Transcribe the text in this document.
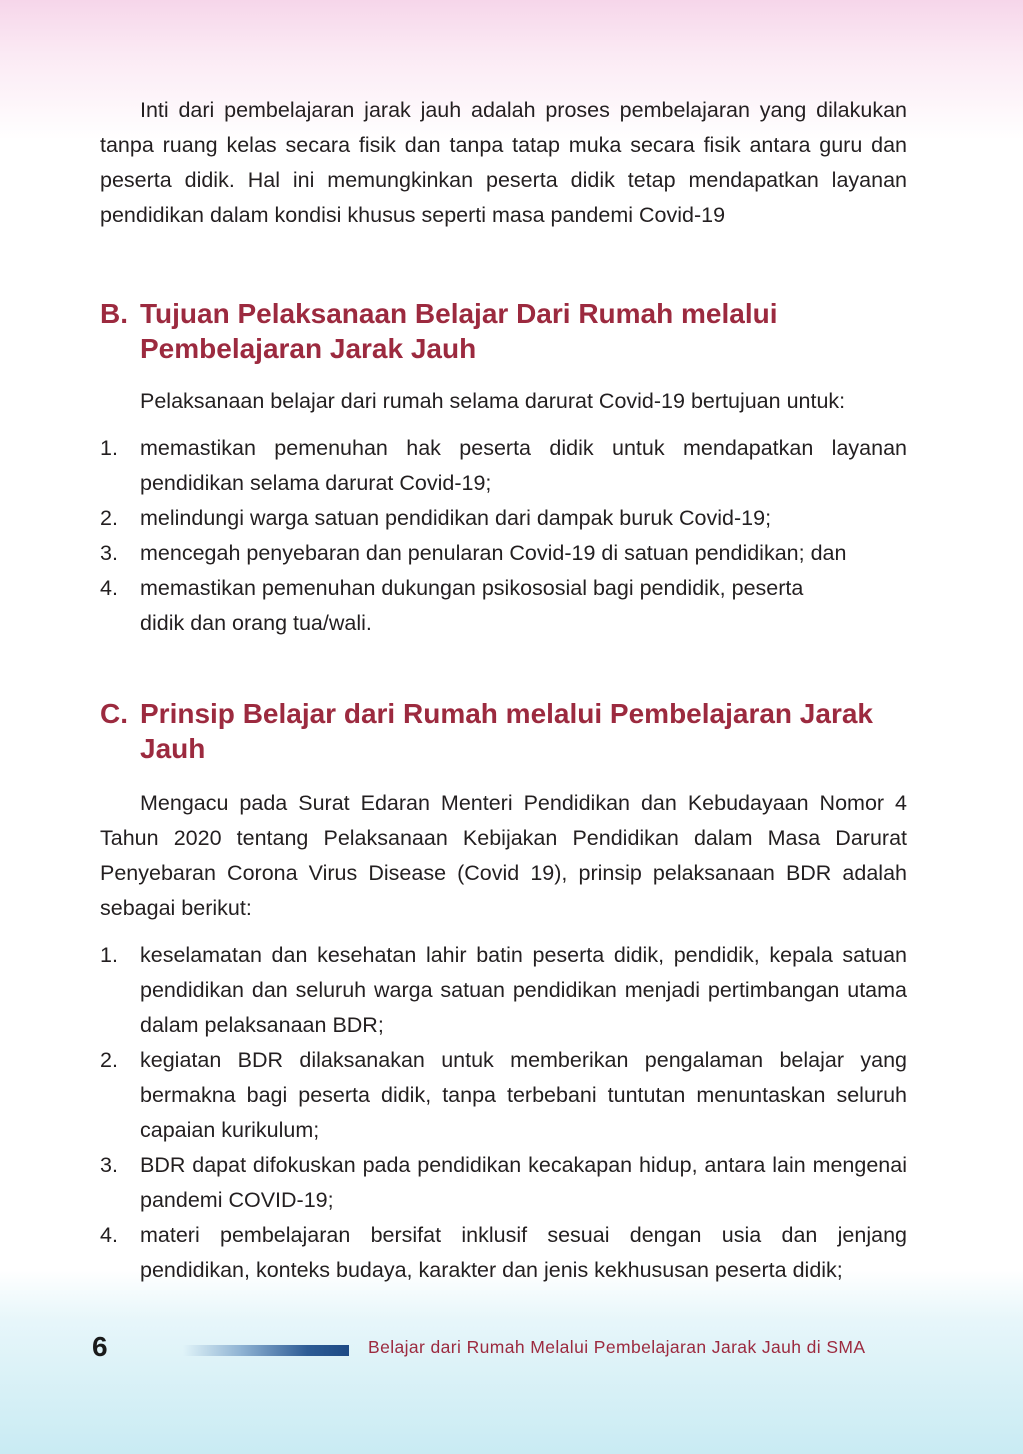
Inti dari pembelajaran jarak jauh adalah proses pembelajaran yang dilakukan tanpa ruang kelas secara fisik dan tanpa tatap muka secara fisik antara guru dan peserta didik. Hal ini memungkinkan peserta didik tetap mendapatkan layanan pendidikan dalam kondisi khusus seperti masa pandemi Covid-19

B. Tujuan Pelaksanaan Belajar Dari Rumah melalui Pembelajaran Jarak Jauh

Pelaksanaan belajar dari rumah selama darurat Covid-19 bertujuan untuk:

1.	memastikan pemenuhan hak peserta didik untuk mendapatkan layanan pendidikan selama darurat Covid-19;
2.	melindungi warga satuan pendidikan dari dampak buruk Covid-19;
3.	mencegah penyebaran dan penularan Covid-19 di satuan pendidikan; dan
4.	memastikan pemenuhan dukungan psikososial bagi pendidik, peserta didik dan orang tua/wali.
C. Prinsip Belajar dari Rumah melalui Pembelajaran Jarak Jauh

Mengacu pada Surat Edaran Menteri Pendidikan dan Kebudayaan Nomor 4 Tahun 2020 tentang Pelaksanaan Kebijakan Pendidikan dalam Masa Darurat Penyebaran Corona Virus Disease (Covid 19), prinsip pelaksanaan BDR adalah sebagai berikut:

1.	keselamatan dan kesehatan lahir batin peserta didik, pendidik, kepala satuan pendidikan dan seluruh warga satuan pendidikan menjadi pertimbangan utama dalam pelaksanaan BDR;
2.	kegiatan BDR dilaksanakan untuk memberikan pengalaman belajar yang bermakna bagi peserta didik, tanpa terbebani tuntutan menuntaskan seluruh capaian kurikulum;
3.	BDR dapat difokuskan pada pendidikan kecakapan hidup, antara lain mengenai pandemi COVID-19;
4.	materi pembelajaran bersifat inklusif sesuai dengan usia dan jenjang pendidikan, konteks budaya, karakter dan jenis kekhususan peserta didik;
6	Belajar dari Rumah Melalui Pembelajaran Jarak Jauh di SMA
